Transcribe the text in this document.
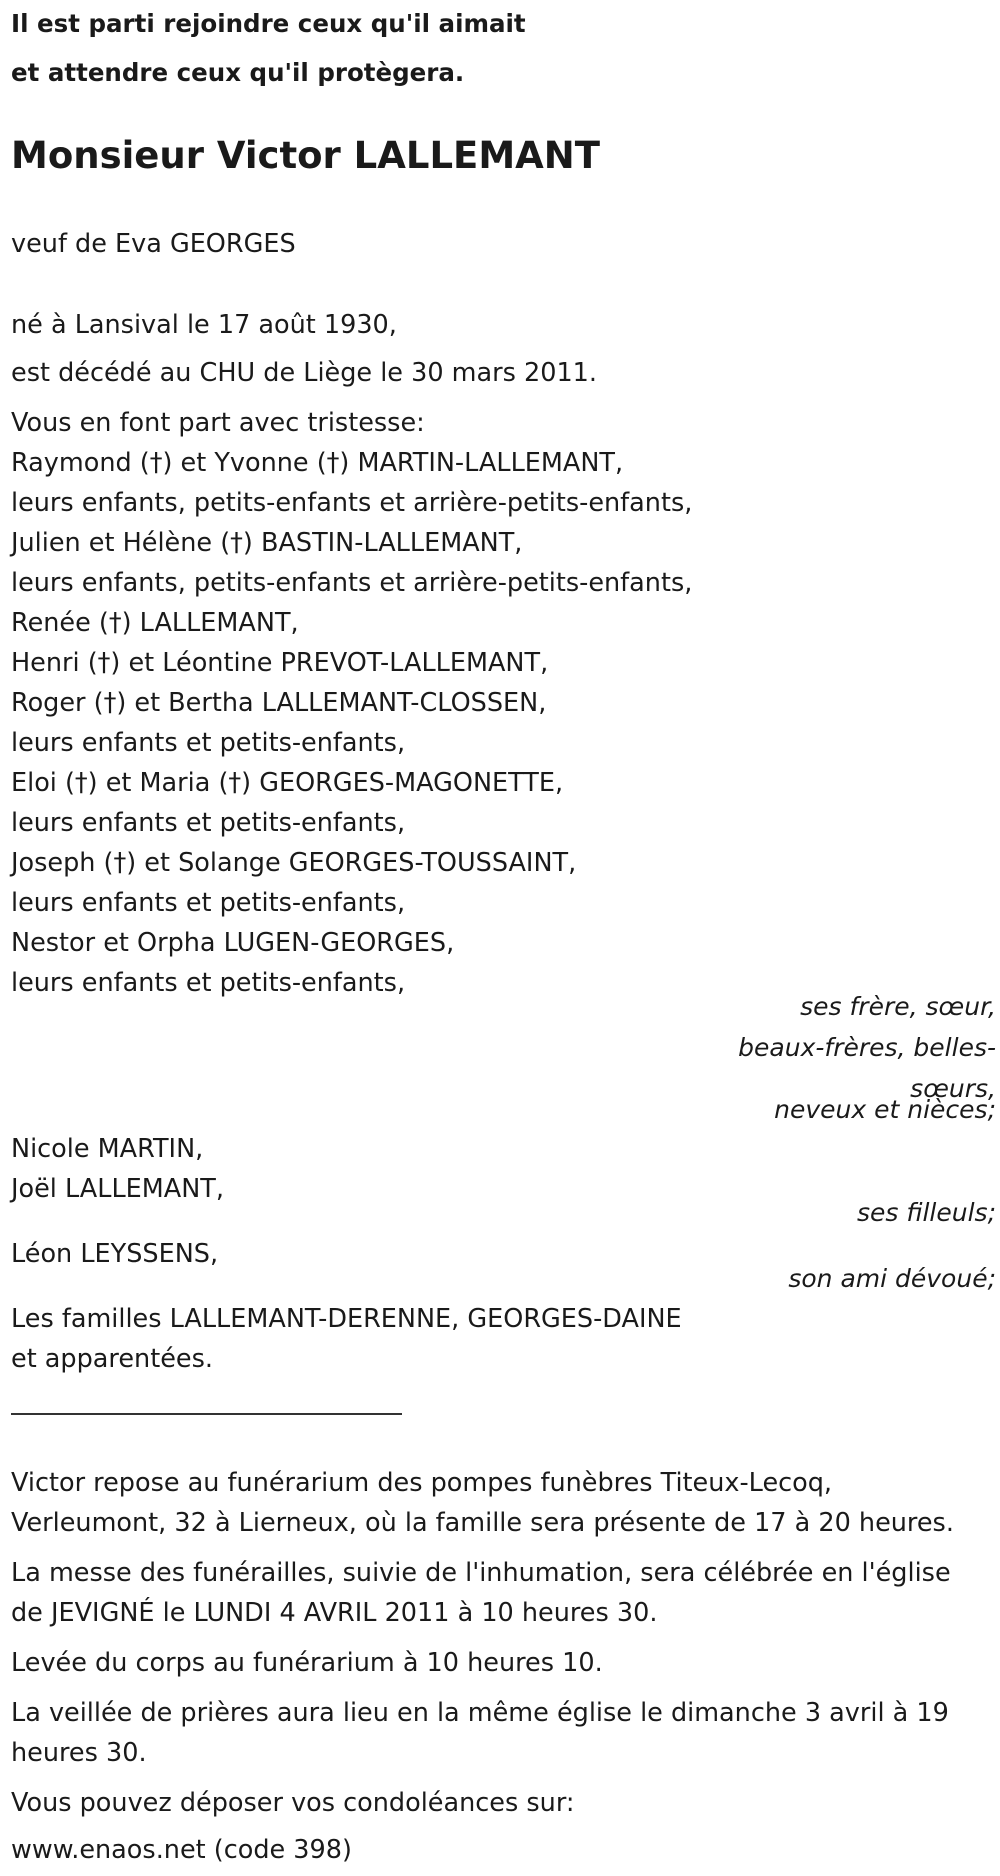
Il est parti rejoindre ceux qu'il aimait
et attendre ceux qu'il protègera.
Monsieur Victor LALLEMANT
veuf de Eva GEORGES
né à Lansival le 17 août 1930,
est décédé au CHU de Liège le 30 mars 2011.
Vous en font part avec tristesse:
Raymond (†) et Yvonne (†) MARTIN-LALLEMANT,
leurs enfants, petits-enfants et arrière-petits-enfants,
Julien et Hélène (†) BASTIN-LALLEMANT,
leurs enfants, petits-enfants et arrière-petits-enfants,
Renée (†) LALLEMANT,
Henri (†) et Léontine PREVOT-LALLEMANT,
Roger (†) et Bertha LALLEMANT-CLOSSEN,
leurs enfants et petits-enfants,
Eloi (†) et Maria (†) GEORGES-MAGONETTE,
leurs enfants et petits-enfants,
Joseph (†) et Solange GEORGES-TOUSSAINT,
leurs enfants et petits-enfants,
Nestor et Orpha LUGEN-GEORGES,
leurs enfants et petits-enfants,
ses frère, sœur,
beaux-frères, belles-
sœurs,
neveux et nièces;
Nicole MARTIN,
Joël LALLEMANT,
ses filleuls;
Léon LEYSSENS,
son ami dévoué;
Les familles LALLEMANT-DERENNE, GEORGES-DAINE
et apparentées.
Victor repose au funérarium des pompes funèbres Titeux-Lecoq,
Verleumont, 32 à Lierneux, où la famille sera présente de 17 à 20 heures.
La messe des funérailles, suivie de l'inhumation, sera célébrée en l'église
de JEVIGNÉ le LUNDI 4 AVRIL 2011 à 10 heures 30.
Levée du corps au funérarium à 10 heures 10.
La veillée de prières aura lieu en la même église le dimanche 3 avril à 19
heures 30.
Vous pouvez déposer vos condoléances sur:
www.enaos.net (code 398)
